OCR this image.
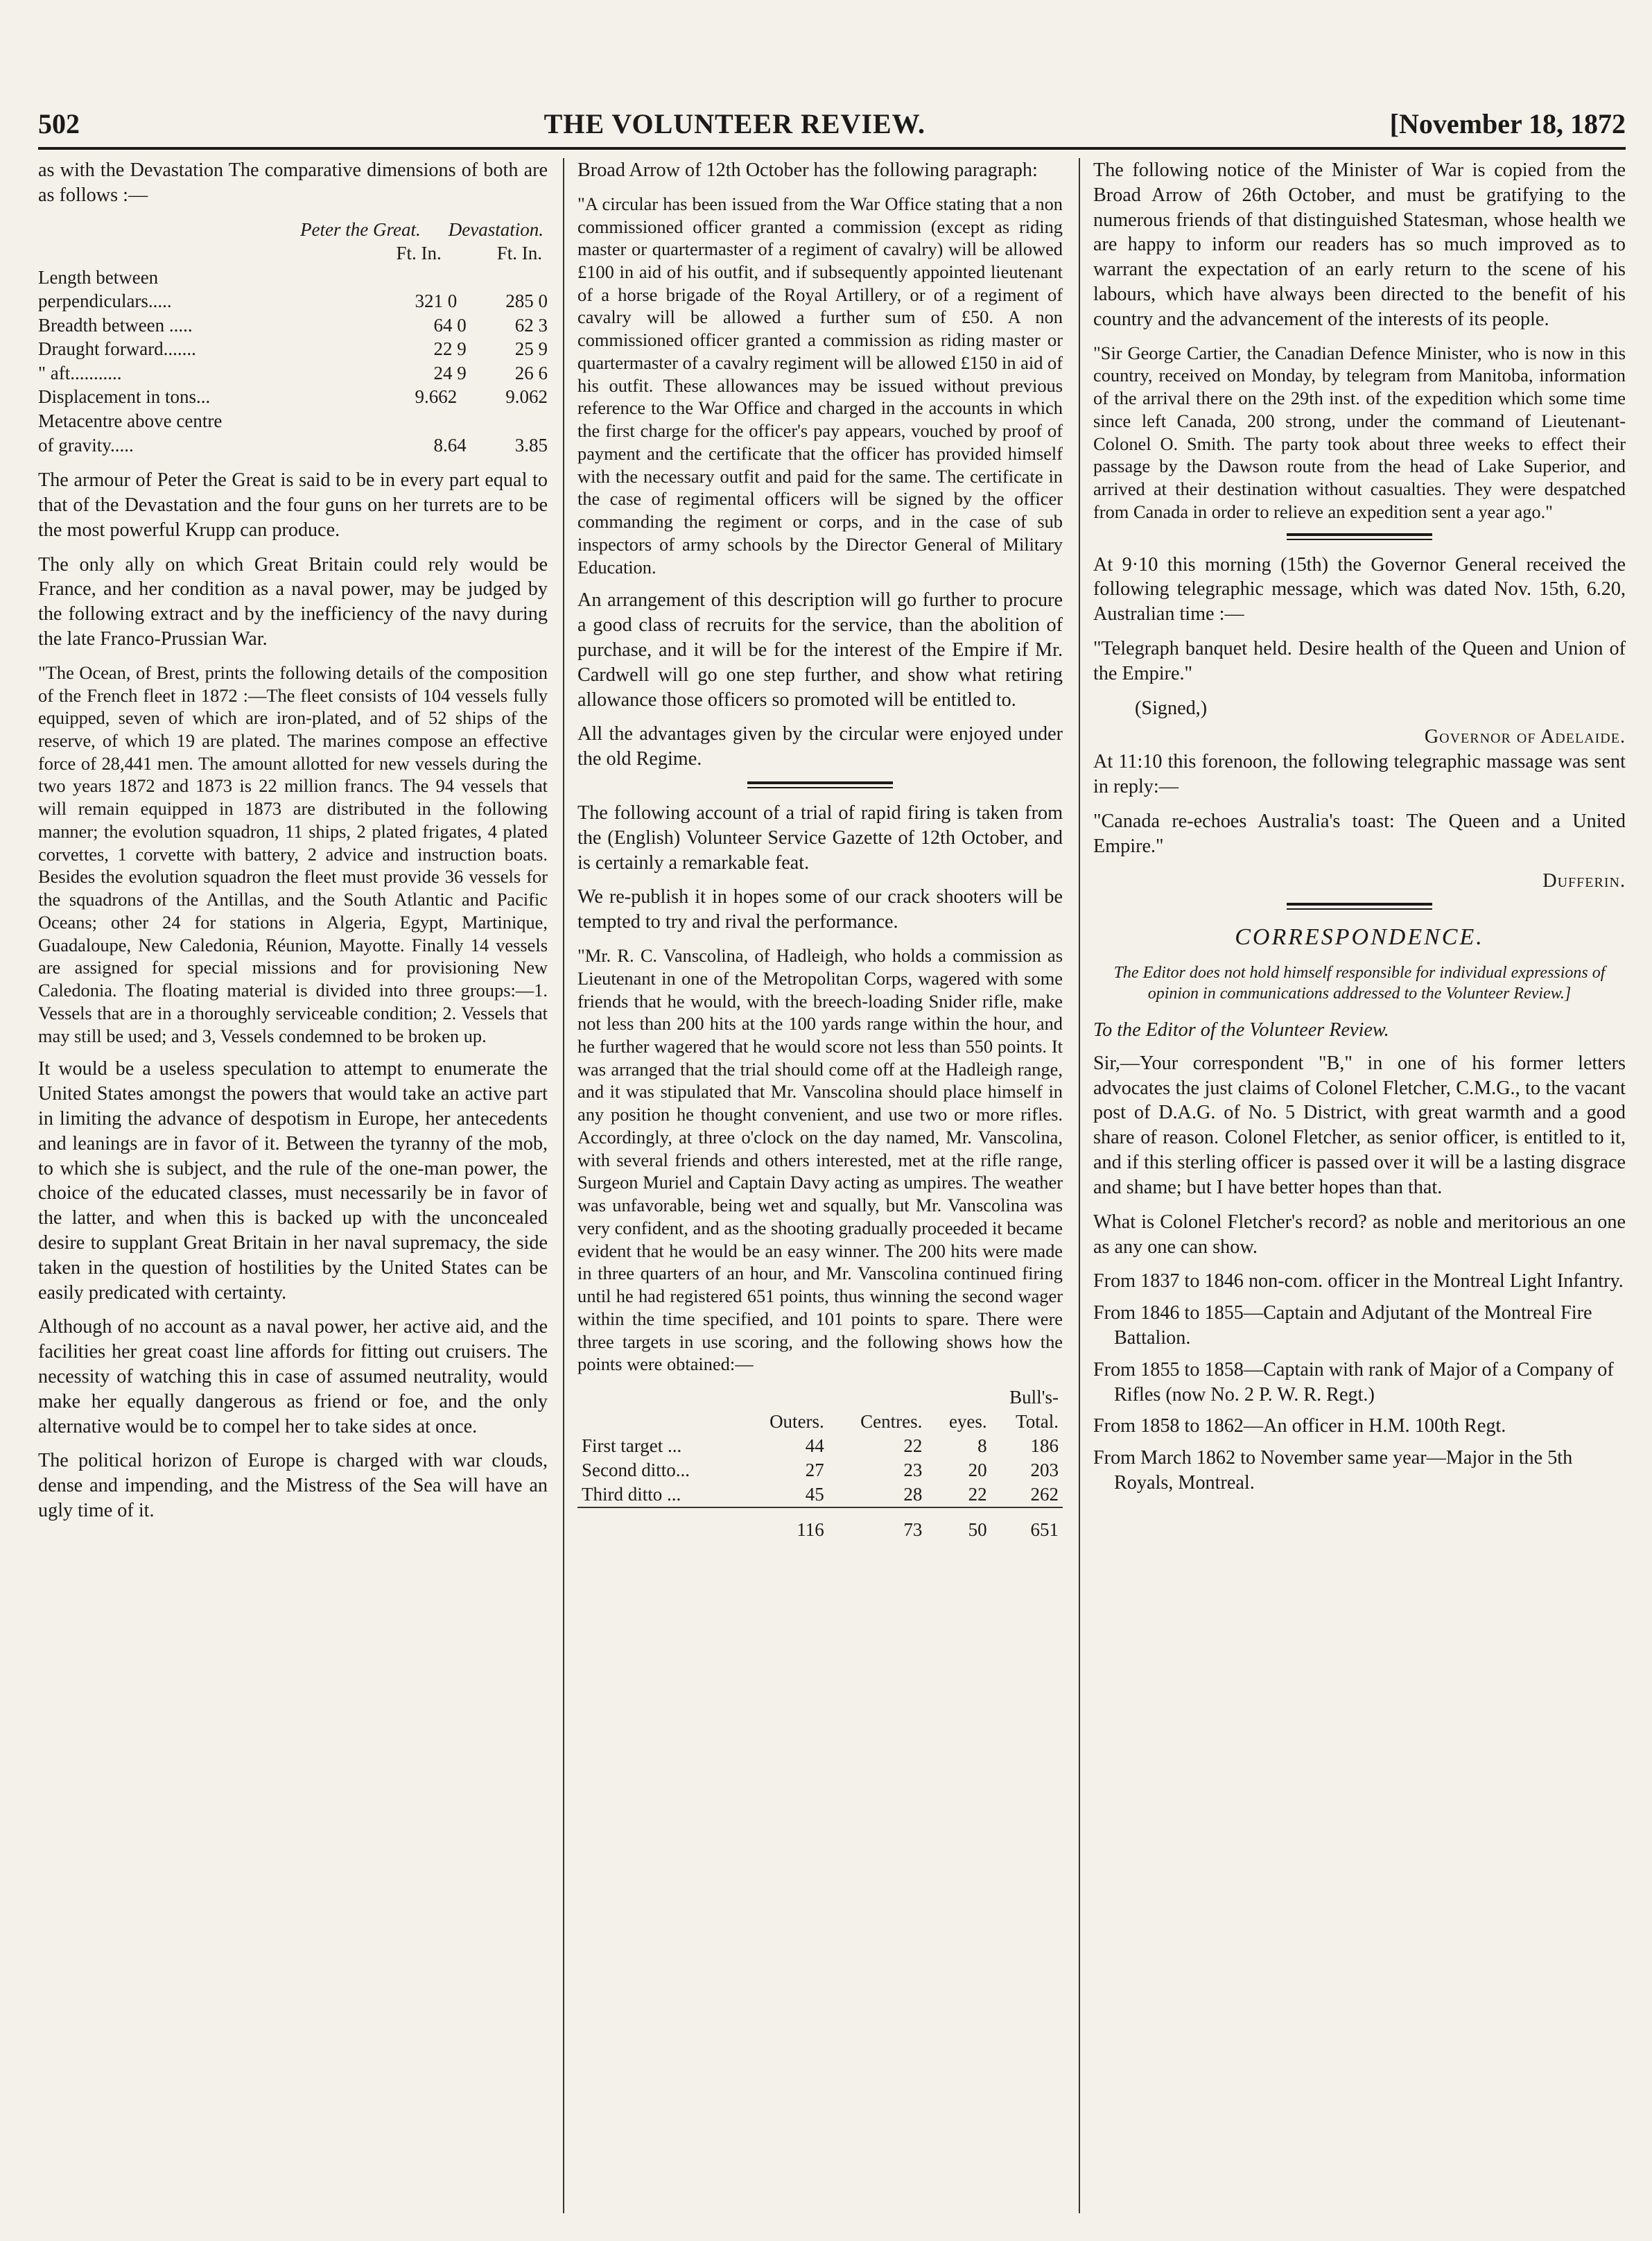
502	THE VOLUNTEER REVIEW.	[November 18, 1872

as with the Devastation The comparative dimensions of both are as follows :—

Peter the Great. Devastation.
Ft. In.	Ft. In.
Length between
perpendiculars.....	321 0	285 0
Breadth between .....	64 0	62 3
Draught forward.......	22 9	25 9
" aft...........	24 9	26 6
Displacement in tons...	9.662	9.062
Metacentre above centre
of gravity.....	8.64	3.85

The armour of Peter the Great is said to be in every part equal to that of the Devastation and the four guns on her turrets are to be the most powerful Krupp can produce.

The only ally on which Great Britain could rely would be France, and her condition as a naval power, may be judged by the following extract and by the inefficiency of the navy during the late Franco-Prussian War.

"The Ocean, of Brest, prints the following details of the composition of the French fleet in 1872 :—The fleet consists of 104 vessels fully equipped, seven of which are iron-plated, and of 52 ships of the reserve, of which 19 are plated. The marines compose an effective force of 28,441 men. The amount allotted for new vessels during the two years 1872 and 1873 is 22 million francs. The 94 vessels that will remain equipped in 1873 are distributed in the following manner; the evolution squadron, 11 ships, 2 plated frigates, 4 plated corvettes, 1 corvette with battery, 2 advice and instruction boats. Besides the evolution squadron the fleet must provide 36 vessels for the squadrons of the Antillas, and the South Atlantic and Pacific Oceans; other 24 for stations in Algeria, Egypt, Martinique, Guadaloupe, New Caledonia, Réunion, Mayotte. Finally 14 vessels are assigned for special missions and for provisioning New Caledonia. The floating material is divided into three groups:—1. Vessels that are in a thoroughly serviceable condition; 2. Vessels that may still be used; and 3, Vessels condemned to be broken up.

It would be a useless speculation to attempt to enumerate the United States amongst the powers that would take an active part in limiting the advance of despotism in Europe, her antecedents and leanings are in favor of it. Between the tyranny of the mob, to which she is subject, and the rule of the one-man power, the choice of the educated classes, must necessarily be in favor of the latter, and when this is backed up with the unconcealed desire to supplant Great Britain in her naval supremacy, the side taken in the question of hostilities by the United States can be easily predicated with certainty.

Although of no account as a naval power, her active aid, and the facilities her great coast line affords for fitting out cruisers. The necessity of watching this in case of assumed neutrality, would make her equally dangerous as friend or foe, and the only alternative would be to compel her to take sides at once.

The political horizon of Europe is charged with war clouds, dense and impending, and the Mistress of the Sea will have an ugly time of it.

Broad Arrow of 12th October has the following paragraph:

"A circular has been issued from the War Office stating that a non commissioned officer granted a commission (except as riding master or quartermaster of a regiment of cavalry) will be allowed £100 in aid of his outfit, and if subsequently appointed lieutenant of a horse brigade of the Royal Artillery, or of a regiment of cavalry will be allowed a further sum of £50. A non commissioned officer granted a commission as riding master or quartermaster of a cavalry regiment will be allowed £150 in aid of his outfit. These allowances may be issued without previous reference to the War Office and charged in the accounts in which the first charge for the officer's pay appears, vouched by proof of payment and the certificate that the officer has provided himself with the necessary outfit and paid for the same. The certificate in the case of regimental officers will be signed by the officer commanding the regiment or corps, and in the case of sub inspectors of army schools by the Director General of Military Education.

An arrangement of this description will go further to procure a good class of recruits for the service, than the abolition of purchase, and it will be for the interest of the Empire if Mr. Cardwell will go one step further, and show what retiring allowance those officers so promoted will be entitled to.

All the advantages given by the circular were enjoyed under the old Regime.

The following account of a trial of rapid firing is taken from the (English) Volunteer Service Gazette of 12th October, and is certainly a remarkable feat.

We re-publish it in hopes some of our crack shooters will be tempted to try and rival the performance.

"Mr. R. C. Vanscolina, of Hadleigh, who holds a commission as Lieutenant in one of the Metropolitan Corps, wagered with some friends that he would, with the breech-loading Snider rifle, make not less than 200 hits at the 100 yards range within the hour, and he further wagered that he would score not less than 550 points. It was arranged that the trial should come off at the Hadleigh range, and it was stipulated that Mr. Vanscolina should place himself in any position he thought convenient, and use two or more rifles. Accordingly, at three o'clock on the day named, Mr. Vanscolina, with several friends and others interested, met at the rifle range, Surgeon Muriel and Captain Davy acting as umpires. The weather was unfavorable, being wet and squally, but Mr. Vanscolina was very confident, and as the shooting gradually proceeded it became evident that he would be an easy winner. The 200 hits were made in three quarters of an hour, and Mr. Vanscolina continued firing until he had registered 651 points, thus winning the second wager within the time specified, and 101 points to spare. There were three targets in use scoring, and the following shows how the points were obtained:—

			Bull's-	
	Outers.	Centres.	eyes.	Total.
First target ...	44	22	8	186
Second ditto...	27	23	20	203
Third ditto ...	45	28	22	262
	116	73	50	651

The following notice of the Minister of War is copied from the Broad Arrow of 26th October, and must be gratifying to the numerous friends of that distinguished Statesman, whose health we are happy to inform our readers has so much improved as to warrant the expectation of an early return to the scene of his labours, which have always been directed to the benefit of his country and the advancement of the interests of its people.

"Sir George Cartier, the Canadian Defence Minister, who is now in this country, received on Monday, by telegram from Manitoba, information of the arrival there on the 29th inst. of the expedition which some time since left Canada, 200 strong, under the command of Lieutenant-Colonel O. Smith. The party took about three weeks to effect their passage by the Dawson route from the head of Lake Superior, and arrived at their destination without casualties. They were despatched from Canada in order to relieve an expedition sent a year ago."

At 9·10 this morning (15th) the Governor General received the following telegraphic message, which was dated Nov. 15th, 6.20, Australian time :—

"Telegraph banquet held. Desire health of the Queen and Union of the Empire."

(Signed,)
Governor of Adelaide.

At 11:10 this forenoon, the following telegraphic massage was sent in reply:—

"Canada re-echoes Australia's toast: The Queen and a United Empire."

Dufferin.
CORRESPONDENCE.
The Editor does not hold himself responsible for individual expressions of opinion in communications addressed to the Volunteer Review.]
To the Editor of the Volunteer Review.

Sir,—Your correspondent "B," in one of his former letters advocates the just claims of Colonel Fletcher, C.M.G., to the vacant post of D.A.G. of No. 5 District, with great warmth and a good share of reason. Colonel Fletcher, as senior officer, is entitled to it, and if this sterling officer is passed over it will be a lasting disgrace and shame; but I have better hopes than that.

What is Colonel Fletcher's record? as noble and meritorious an one as any one can show.

From 1837 to 1846 non-com. officer in the Montreal Light Infantry.
From 1846 to 1855—Captain and Adjutant of the Montreal Fire Battalion.
From 1855 to 1858—Captain with rank of Major of a Company of Rifles (now No. 2 P. W. R. Regt.)
From 1858 to 1862—An officer in H.M. 100th Regt.
From March 1862 to November same year—Major in the 5th Royals, Montreal.
